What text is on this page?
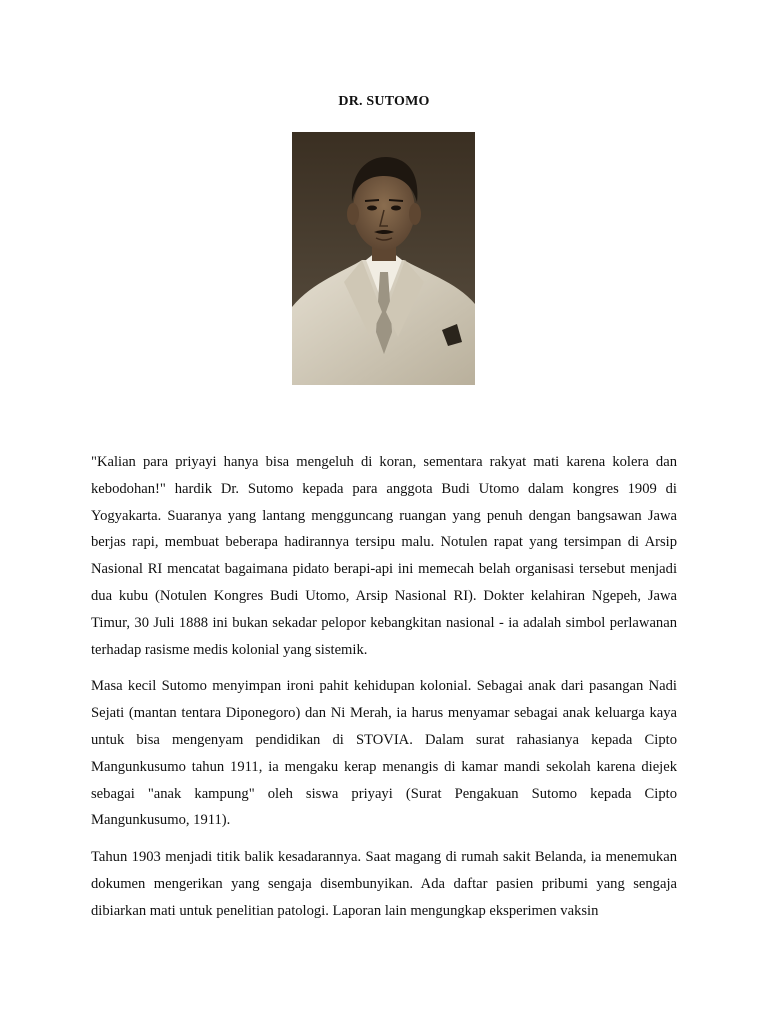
DR. SUTOMO

"Kalian para priyayi hanya bisa mengeluh di koran, sementara rakyat mati karena kolera dan kebodohan!" hardik Dr. Sutomo kepada para anggota Budi Utomo dalam kongres 1909 di Yogyakarta. Suaranya yang lantang mengguncang ruangan yang penuh dengan bangsawan Jawa berjas rapi, membuat beberapa hadirannya tersipu malu. Notulen rapat yang tersimpan di Arsip Nasional RI mencatat bagaimana pidato berapi-api ini memecah belah organisasi tersebut menjadi dua kubu (Notulen Kongres Budi Utomo, Arsip Nasional RI). Dokter kelahiran Ngepeh, Jawa Timur, 30 Juli 1888 ini bukan sekadar pelopor kebangkitan nasional - ia adalah simbol perlawanan terhadap rasisme medis kolonial yang sistemik.

Masa kecil Sutomo menyimpan ironi pahit kehidupan kolonial. Sebagai anak dari pasangan Nadi Sejati (mantan tentara Diponegoro) dan Ni Merah, ia harus menyamar sebagai anak keluarga kaya untuk bisa mengenyam pendidikan di STOVIA. Dalam surat rahasianya kepada Cipto Mangunkusumo tahun 1911, ia mengaku kerap menangis di kamar mandi sekolah karena diejek sebagai "anak kampung" oleh siswa priyayi (Surat Pengakuan Sutomo kepada Cipto Mangunkusumo, 1911).

Tahun 1903 menjadi titik balik kesadarannya. Saat magang di rumah sakit Belanda, ia menemukan dokumen mengerikan yang sengaja disembunyikan. Ada daftar pasien pribumi yang sengaja dibiarkan mati untuk penelitian patologi. Laporan lain mengungkap eksperimen vaksin
